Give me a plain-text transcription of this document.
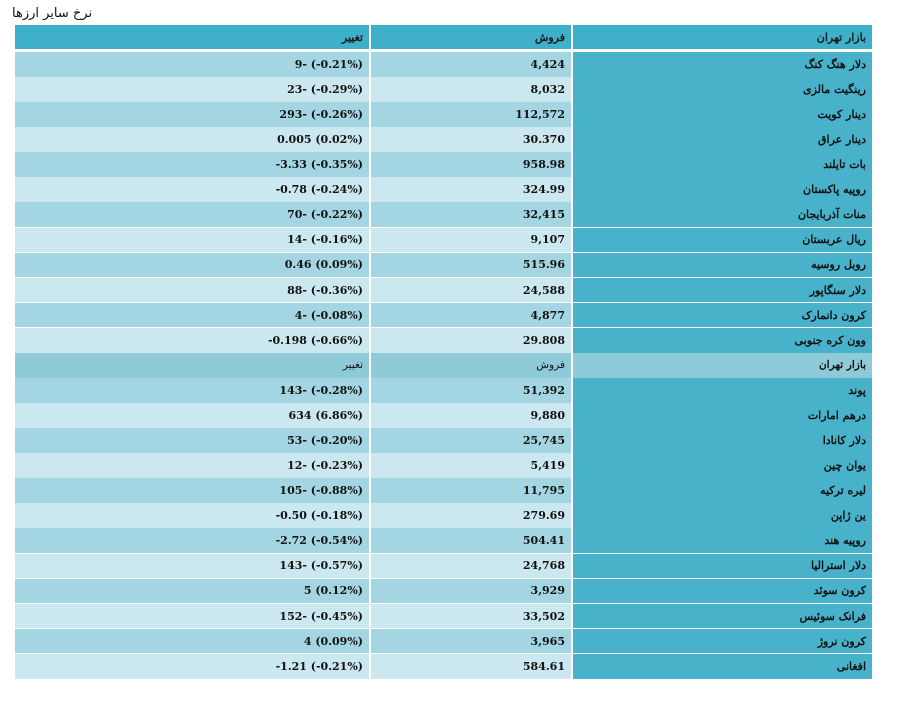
نرخ سایر ارزها
بازار تهران
فروش
تغییر
دلار هنگ کنگ
4,424
9- (-0.21%)
رینگیت مالزی
8,032
23- (-0.29%)
دینار کویت
112,572
293- (-0.26%)
دینار عراق
30.370
0.005 (0.02%)
بات تایلند
958.98
-3.33 (-0.35%)
روپیه پاکستان
324.99
-0.78 (-0.24%)
منات آذربایجان
32,415
70- (-0.22%)
ریال عربستان
9,107
14- (-0.16%)
روبل روسیه
515.96
0.46 (0.09%)
دلار سنگاپور
24,588
88- (-0.36%)
کرون دانمارک
4,877
4- (-0.08%)
وون کره جنوبی
29.808
-0.198 (-0.66%)
بازار تهران
فروش
تغییر
پوند
51,392
143- (-0.28%)
درهم امارات
9,880
634 (6.86%)
دلار کانادا
25,745
53- (-0.20%)
یوان چین
5,419
12- (-0.23%)
لیره ترکیه
11,795
105- (-0.88%)
ین ژاپن
279.69
-0.50 (-0.18%)
روپیه هند
504.41
-2.72 (-0.54%)
دلار استرالیا
24,768
143- (-0.57%)
کرون سوئد
3,929
5 (0.12%)
فرانک سوئیس
33,502
152- (-0.45%)
کرون نروژ
3,965
4 (0.09%)
افغانی
584.61
-1.21 (-0.21%)
